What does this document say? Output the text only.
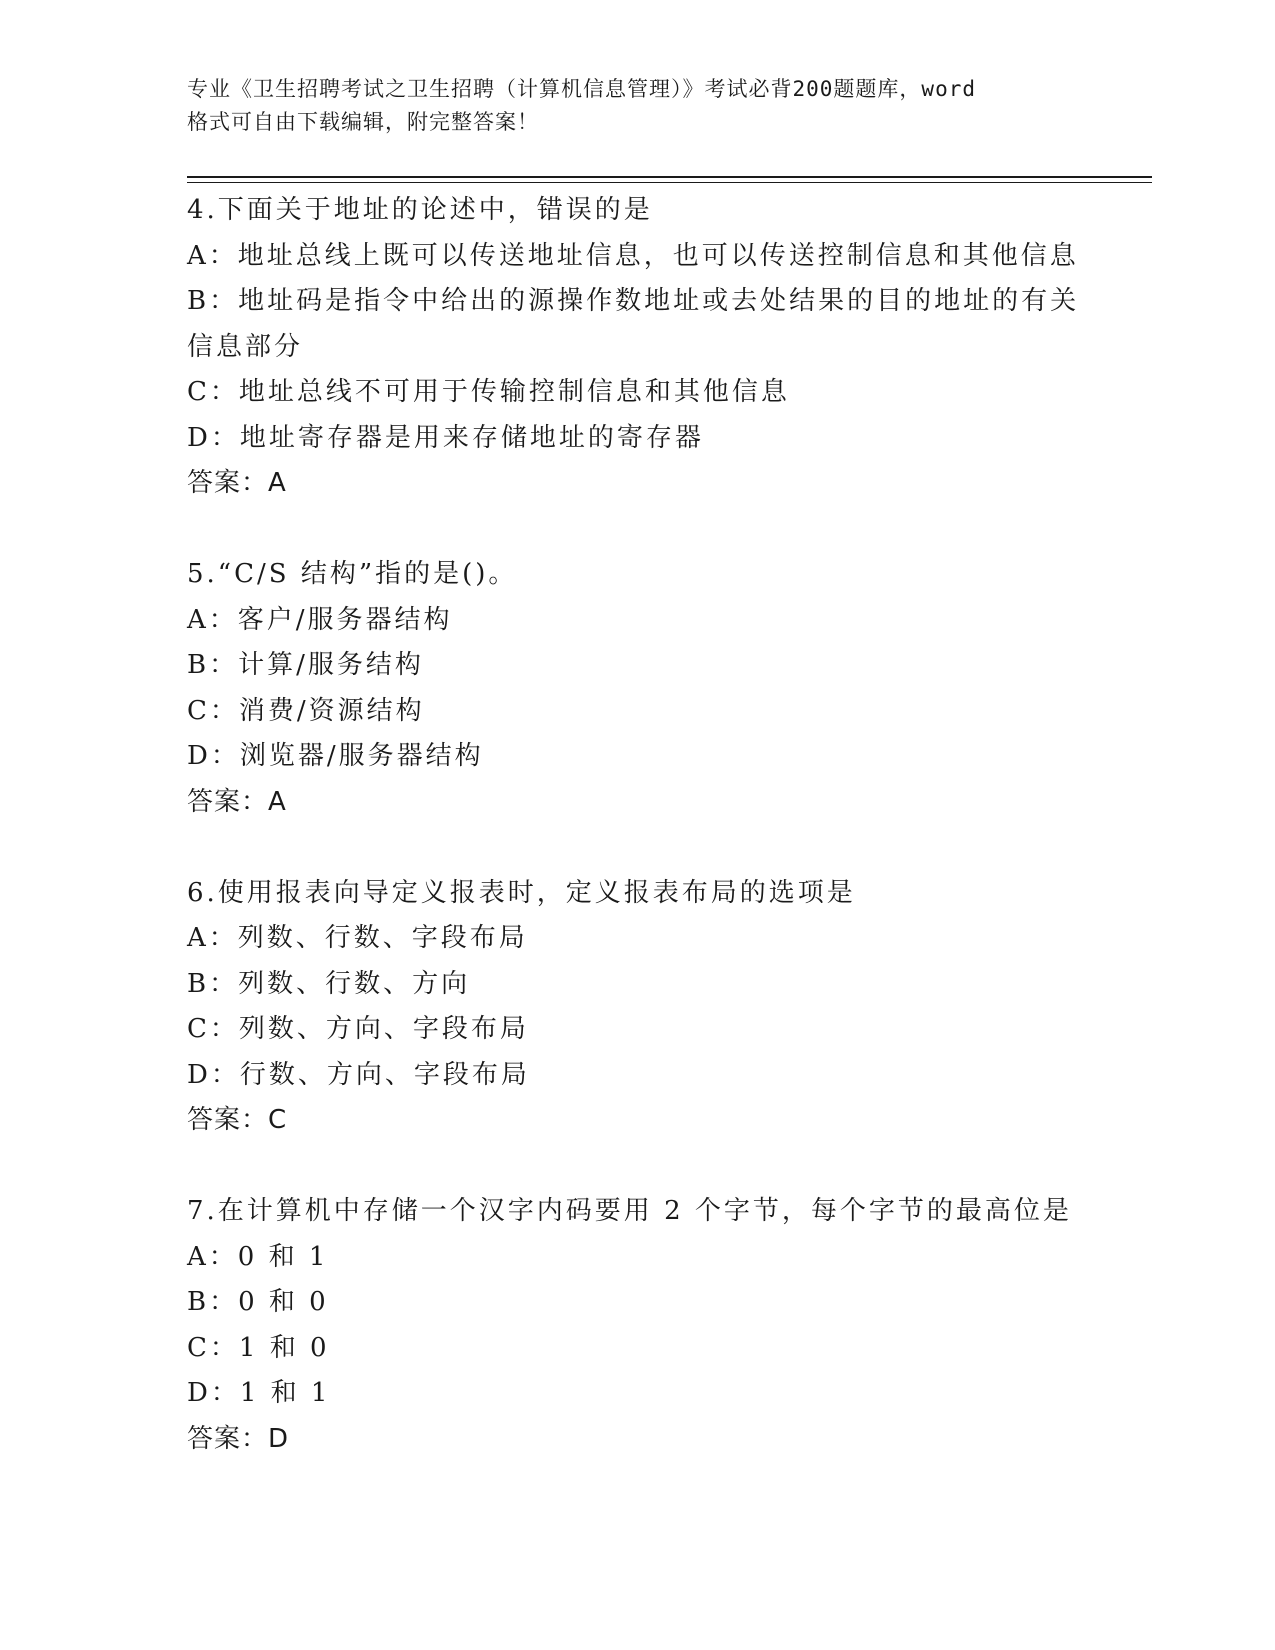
专业《卫生招聘考试之卫生招聘（计算机信息管理）》考试必背200题题库，word
格式可自由下载编辑，附完整答案！
4.下面关于地址的论述中，错误的是
A：地址总线上既可以传送地址信息，也可以传送控制信息和其他信息
B：地址码是指令中给出的源操作数地址或去处结果的目的地址的有关
信息部分
C：地址总线不可用于传输控制信息和其他信息
D：地址寄存器是用来存储地址的寄存器
答案：A
5.“C/S 结构”指的是()。
A：客户/服务器结构
B：计算/服务结构
C：消费/资源结构
D：浏览器/服务器结构
答案：A
6.使用报表向导定义报表时，定义报表布局的选项是
A：列数、行数、字段布局
B：列数、行数、方向
C：列数、方向、字段布局
D：行数、方向、字段布局
答案：C
7.在计算机中存储一个汉字内码要用 2 个字节，每个字节的最高位是
A：0 和 1
B：0 和 0
C：1 和 0
D：1 和 1
答案：D
